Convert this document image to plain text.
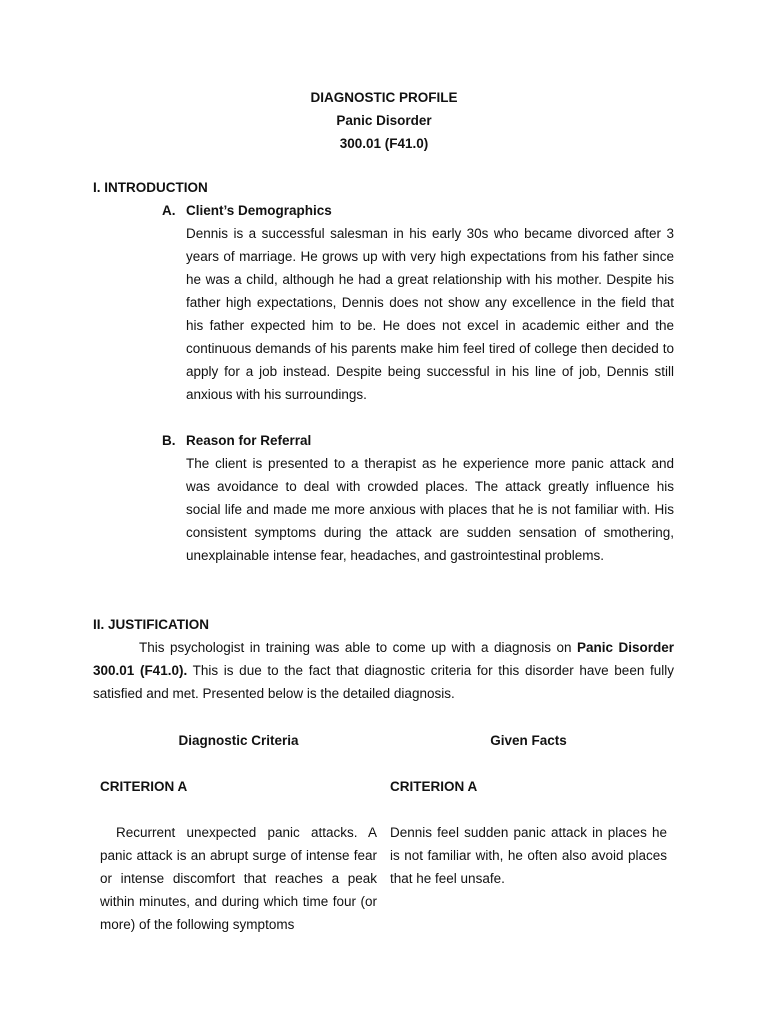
DIAGNOSTIC PROFILE
Panic Disorder
300.01 (F41.0)
I. INTRODUCTION
A. Client’s Demographics

Dennis is a successful salesman in his early 30s who became divorced after 3 years of marriage. He grows up with very high expectations from his father since he was a child, although he had a great relationship with his mother. Despite his father high expectations, Dennis does not show any excellence in the field that his father expected him to be. He does not excel in academic either and the continuous demands of his parents make him feel tired of college then decided to apply for a job instead. Despite being successful in his line of job, Dennis still anxious with his surroundings.

B. Reason for Referral

The client is presented to a therapist as he experience more panic attack and was avoidance to deal with crowded places. The attack greatly influence his social life and made me more anxious with places that he is not familiar with. His consistent symptoms during the attack are sudden sensation of smothering, unexplainable intense fear, headaches, and gastrointestinal problems.

II. JUSTIFICATION

This psychologist in training was able to come up with a diagnosis on Panic Disorder 300.01 (F41.0). This is due to the fact that diagnostic criteria for this disorder have been fully satisfied and met. Presented below is the detailed diagnosis.

Diagnostic Criteria	Given Facts
CRITERION A	CRITERION A

Recurrent unexpected panic attacks. A panic attack is an abrupt surge of intense fear or intense discomfort that reaches a peak within minutes, and during which time four (or more) of the following symptoms

Dennis feel sudden panic attack in places he is not familiar with, he often also avoid places that he feel unsafe.
